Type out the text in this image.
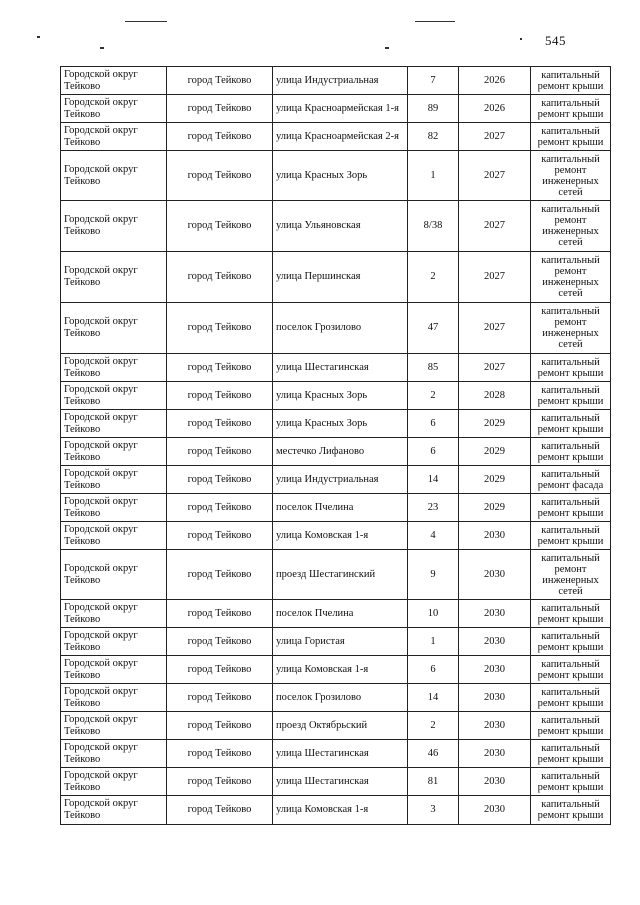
545
Городской округ Тейково	город Тейково	улица Индустриальная	7	2026	капитальный ремонт крыши
Городской округ Тейково	город Тейково	улица Красноармейская 1-я	89	2026	капитальный ремонт крыши
Городской округ Тейково	город Тейково	улица Красноармейская 2-я	82	2027	капитальный ремонт крыши
Городской округ Тейково	город Тейково	улица Красных Зорь	1	2027	капитальный ремонт инженерных сетей
Городской округ Тейково	город Тейково	улица Ульяновская	8/38	2027	капитальный ремонт инженерных сетей
Городской округ Тейково	город Тейково	улица Першинская	2	2027	капитальный ремонт инженерных сетей
Городской округ Тейково	город Тейково	поселок Грозилово	47	2027	капитальный ремонт инженерных сетей
Городской округ Тейково	город Тейково	улица Шестагинская	85	2027	капитальный ремонт крыши
Городской округ Тейково	город Тейково	улица Красных Зорь	2	2028	капитальный ремонт крыши
Городской округ Тейково	город Тейково	улица Красных Зорь	6	2029	капитальный ремонт крыши
Городской округ Тейково	город Тейково	местечко Лифаново	6	2029	капитальный ремонт крыши
Городской округ Тейково	город Тейково	улица Индустриальная	14	2029	капитальный ремонт фасада
Городской округ Тейково	город Тейково	поселок Пчелина	23	2029	капитальный ремонт крыши
Городской округ Тейково	город Тейково	улица Комовская 1-я	4	2030	капитальный ремонт крыши
Городской округ Тейково	город Тейково	проезд Шестагинский	9	2030	капитальный ремонт инженерных сетей
Городской округ Тейково	город Тейково	поселок Пчелина	10	2030	капитальный ремонт крыши
Городской округ Тейково	город Тейково	улица Гористая	1	2030	капитальный ремонт крыши
Городской округ Тейково	город Тейково	улица Комовская 1-я	6	2030	капитальный ремонт крыши
Городской округ Тейково	город Тейково	поселок Грозилово	14	2030	капитальный ремонт крыши
Городской округ Тейково	город Тейково	проезд Октябрьский	2	2030	капитальный ремонт крыши
Городской округ Тейково	город Тейково	улица Шестагинская	46	2030	капитальный ремонт крыши
Городской округ Тейково	город Тейково	улица Шестагинская	81	2030	капитальный ремонт крыши
Городской округ Тейково	город Тейково	улица Комовская 1-я	3	2030	капитальный ремонт крыши
